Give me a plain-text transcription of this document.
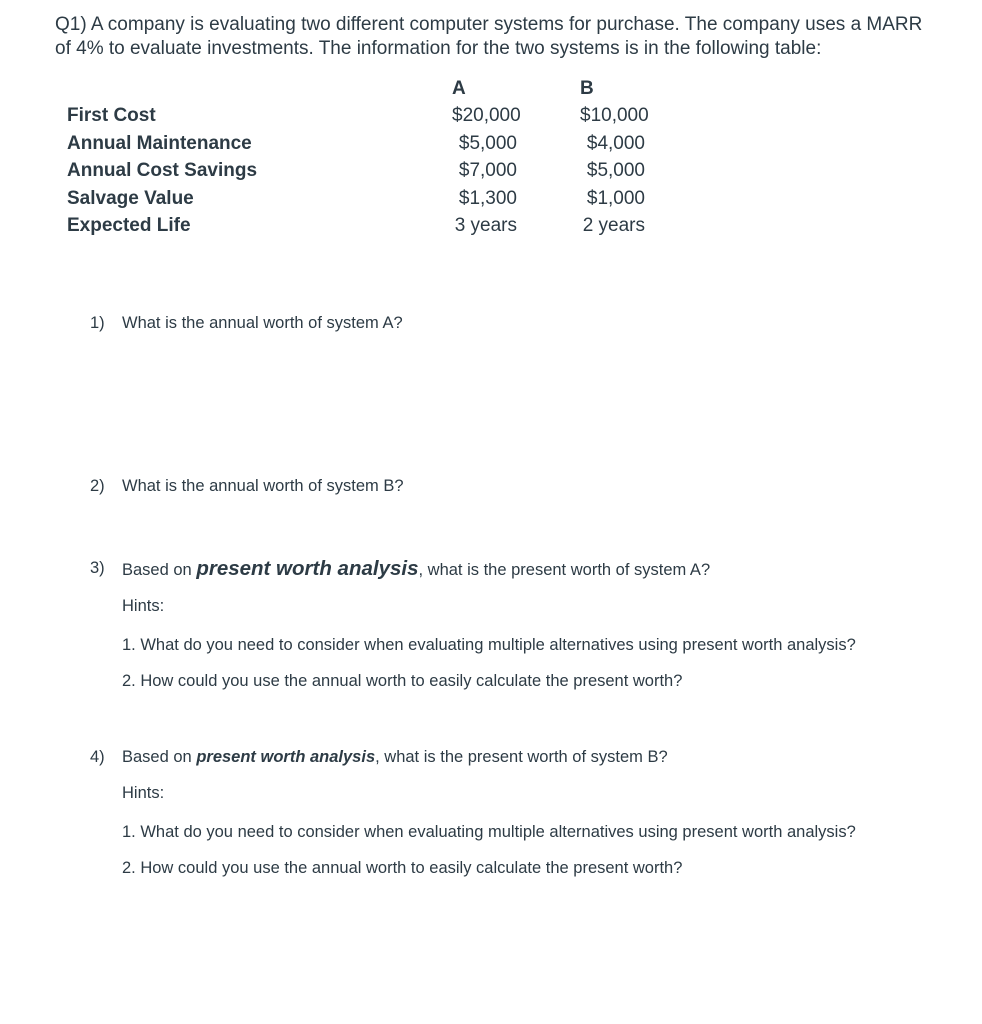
Q1) A company is evaluating two different computer systems for purchase. The company uses a MARR of 4% to evaluate investments. The information for the two systems is in the following table:

	A		B
First Cost	$20,000		$10,000
Annual Maintenance	$5,000		$4,000
Annual Cost Savings	$7,000		$5,000
Salvage Value	$1,300		$1,000
Expected Life	3 years		2 years
1) What is the annual worth of system A?
2) What is the annual worth of system B?
3) Based on present worth analysis, what is the present worth of system A?

Hints:

1. What do you need to consider when evaluating multiple alternatives using present worth analysis?

2. How could you use the annual worth to easily calculate the present worth?

4) Based on present worth analysis, what is the present worth of system B?

Hints:

1. What do you need to consider when evaluating multiple alternatives using present worth analysis?

2. How could you use the annual worth to easily calculate the present worth?
